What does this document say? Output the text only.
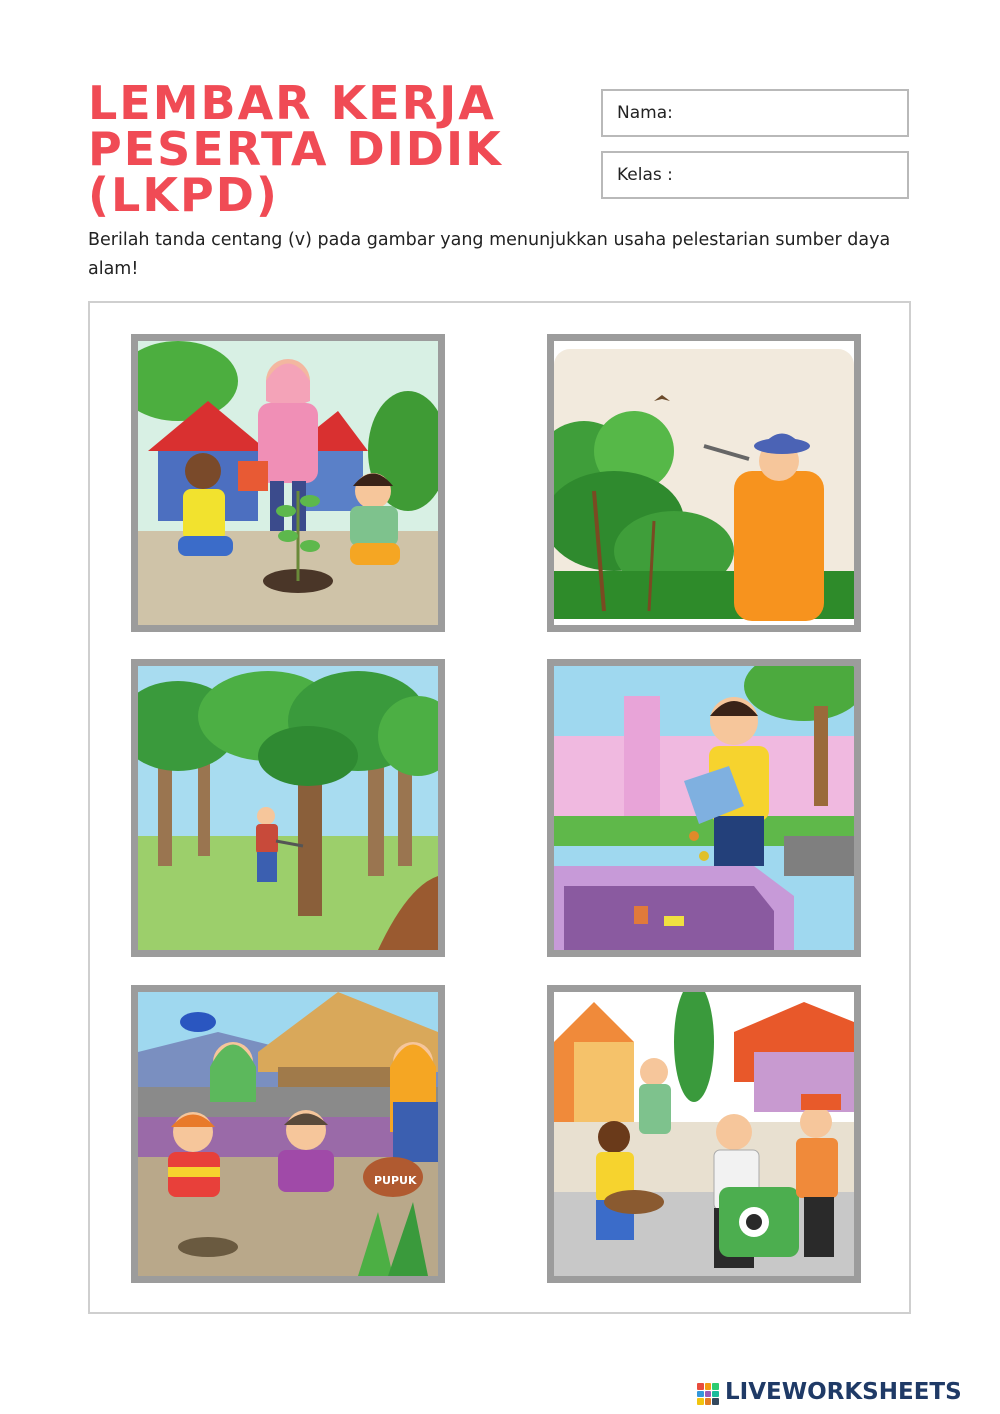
LEMBAR KERJA
PESERTA DIDIK
(LKPD)
Nama:
Kelas :

Berilah tanda centang (v) pada gambar yang menunjukkan usaha pelestarian sumber daya alam!

PUPUK
LIVEWORKSHEETS
